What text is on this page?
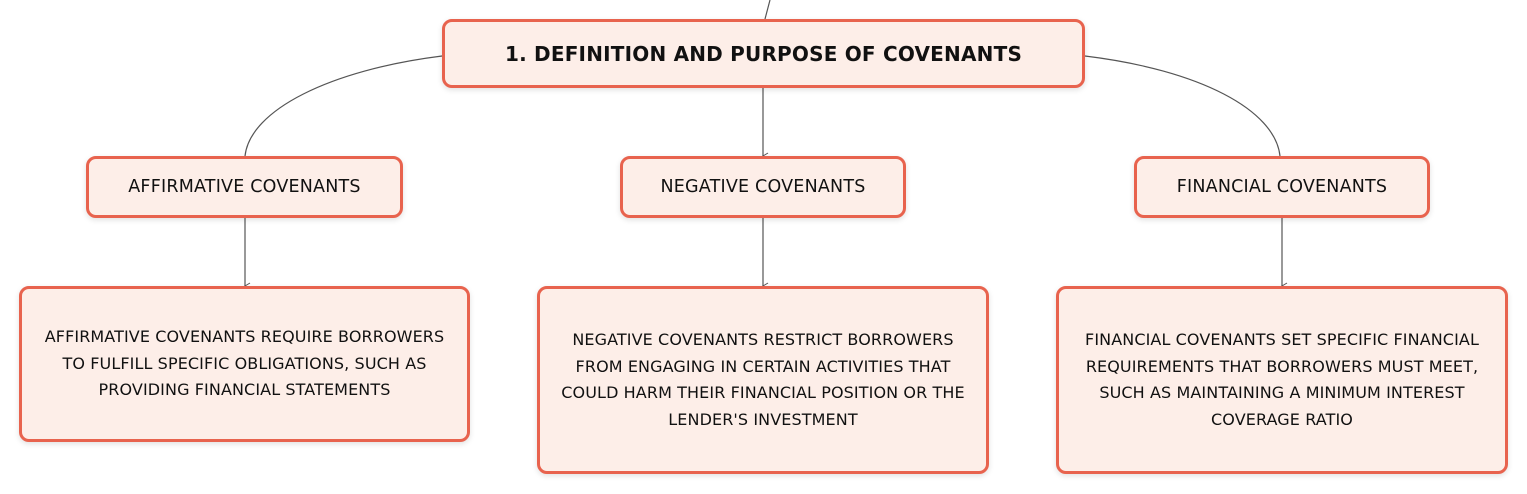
1. DEFINITION AND PURPOSE OF COVENANTS
AFFIRMATIVE COVENANTS	NEGATIVE COVENANTS	FINANCIAL COVENANTS
AFFIRMATIVE COVENANTS REQUIRE BORROWERS TO FULFILL SPECIFIC OBLIGATIONS, SUCH AS PROVIDING FINANCIAL STATEMENTS
NEGATIVE COVENANTS RESTRICT BORROWERS FROM ENGAGING IN CERTAIN ACTIVITIES THAT COULD HARM THEIR FINANCIAL POSITION OR THE LENDER'S INVESTMENT
FINANCIAL COVENANTS SET SPECIFIC FINANCIAL REQUIREMENTS THAT BORROWERS MUST MEET, SUCH AS MAINTAINING A MINIMUM INTEREST COVERAGE RATIO
